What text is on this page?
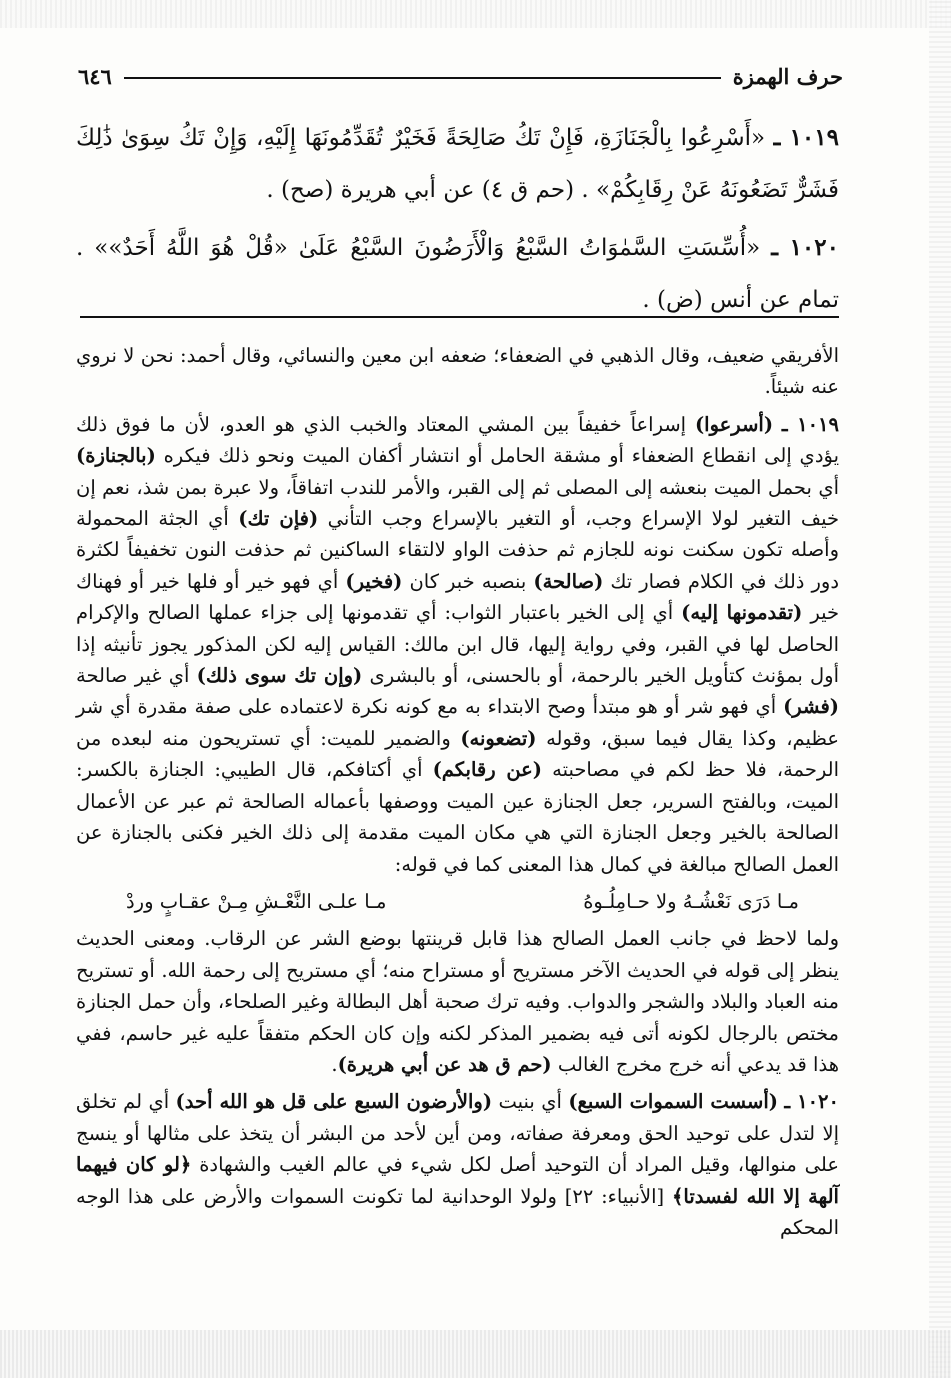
حرف الهمزة
٦٤٦

١٠١٩ ـ «أَسْرِعُوا بِالْجَنَازَةِ، فَإِنْ تَكُ صَالِحَةً فَخَيْرٌ تُقَدِّمُونَهَا إِلَيْهِ، وَإِنْ تَكُ سِوَىٰ ذَٰلِكَ فَشَرٌّ تَضَعُونَهُ عَنْ رِقَابِكُمْ» . (حم ق ٤) عن أبي هريرة (صح) .

١٠٢٠ ـ «أُسِّسَتِ السَّمٰوَاتُ السَّبْعُ وَالْأَرَضُونَ السَّبْعُ عَلَىٰ «قُلْ هُوَ اللَّهُ أَحَدٌ»» . تمام عن أنس (ض) .

الأفريقي ضعيف، وقال الذهبي في الضعفاء؛ ضعفه ابن معين والنسائي، وقال أحمد: نحن لا نروي عنه شيئاً.

١٠١٩ ـ (أسرعوا) إسراعاً خفيفاً بين المشي المعتاد والخبب الذي هو العدو، لأن ما فوق ذلك يؤدي إلى انقطاع الضعفاء أو مشقة الحامل أو انتشار أكفان الميت ونحو ذلك فيكره (بالجنازة) أي بحمل الميت بنعشه إلى المصلى ثم إلى القبر، والأمر للندب اتفاقاً، ولا عبرة بمن شذ، نعم إن خيف التغير لولا الإسراع وجب، أو التغير بالإسراع وجب التأني (فإن تك) أي الجثة المحمولة وأصله تكون سكنت نونه للجازم ثم حذفت الواو لالتقاء الساكنين ثم حذفت النون تخفيفاً لكثرة دور ذلك في الكلام فصار تك (صالحة) بنصبه خبر كان (فخير) أي فهو خير أو فلها خير أو فهناك خير (تقدمونها إليه) أي إلى الخير باعتبار الثواب: أي تقدمونها إلى جزاء عملها الصالح والإكرام الحاصل لها في القبر، وفي رواية إليها، قال ابن مالك: القياس إليه لكن المذكور يجوز تأنيثه إذا أول بمؤنث كتأويل الخير بالرحمة، أو بالحسنى، أو بالبشرى (وإن تك سوى ذلك) أي غير صالحة (فشر) أي فهو شر أو هو مبتدأ وصح الابتداء به مع كونه نكرة لاعتماده على صفة مقدرة أي شر عظيم، وكذا يقال فيما سبق، وقوله (تضعونه) والضمير للميت: أي تستريحون منه لبعده من الرحمة، فلا حظ لكم في مصاحبته (عن رقابكم) أي أكتافكم، قال الطيبي: الجنازة بالكسر: الميت، وبالفتح السرير، جعل الجنازة عين الميت ووصفها بأعماله الصالحة ثم عبر عن الأعمال الصالحة بالخير وجعل الجنازة التي هي مكان الميت مقدمة إلى ذلك الخير فكنى بالجنازة عن العمل الصالح مبالغة في كمال هذا المعنى كما في قوله:

مـا دَرَى نَعْشُـهُ ولا حـامِلُـوهُ
مـا علـى النَّعْـشِ مِـنْ عقـابٍ وردْ

ولما لاحظ في جانب العمل الصالح هذا قابل قرينتها بوضع الشر عن الرقاب. ومعنى الحديث ينظر إلى قوله في الحديث الآخر مستريح أو مستراح منه؛ أي مستريح إلى رحمة الله. أو تستريح منه العباد والبلاد والشجر والدواب. وفيه ترك صحبة أهل البطالة وغير الصلحاء، وأن حمل الجنازة مختص بالرجال لكونه أتى فيه بضمير المذكر لكنه وإن كان الحكم متفقاً عليه غير حاسم، ففي هذا قد يدعي أنه خرج مخرج الغالب (حم ق هد عن أبي هريرة).

١٠٢٠ ـ (أسست السموات السبع) أي بنيت (والأرضون السبع على قل هو الله أحد) أي لم تخلق إلا لتدل على توحيد الحق ومعرفة صفاته، ومن أين لأحد من البشر أن يتخذ على مثالها أو ينسج على منوالها، وقيل المراد أن التوحيد أصل لكل شيء في عالم الغيب والشهادة ﴿لو كان فيهما آلهة إلا الله لفسدتا﴾ [الأنبياء: ٢٢] ولولا الوحدانية لما تكونت السموات والأرض على هذا الوجه المحكم
